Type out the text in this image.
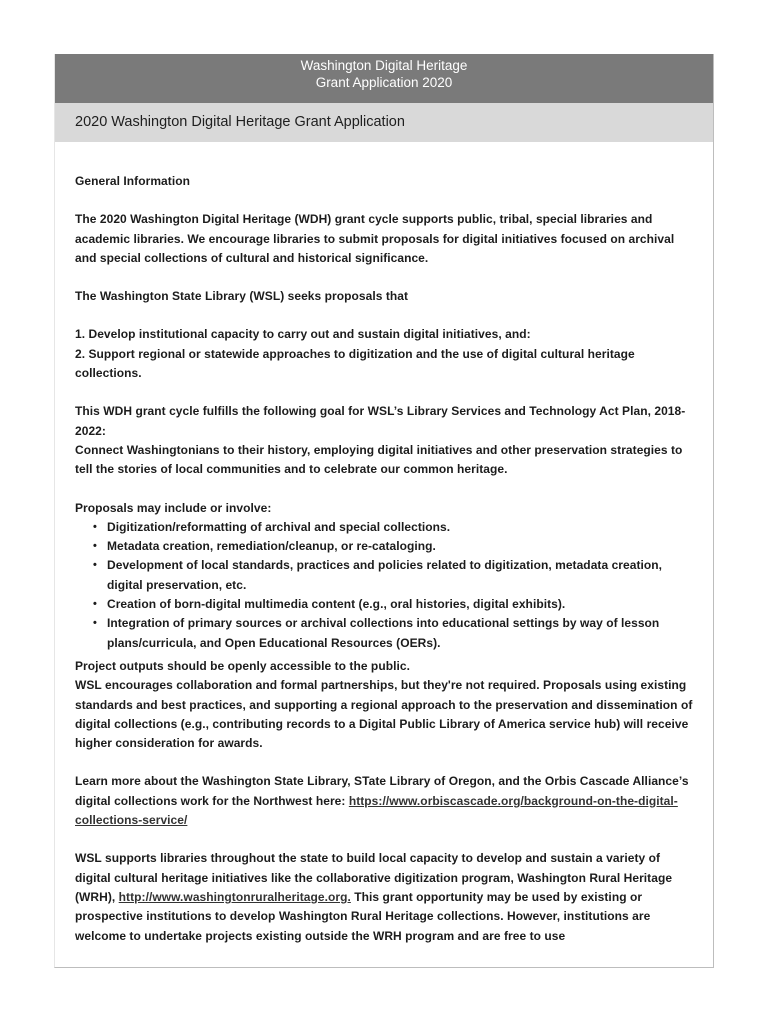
Washington Digital Heritage
Grant Application 2020
2020 Washington Digital Heritage Grant Application

General Information

The 2020 Washington Digital Heritage (WDH) grant cycle supports public, tribal, special libraries and academic libraries. We encourage libraries to submit proposals for digital initiatives focused on archival and special collections of cultural and historical significance.

The Washington State Library (WSL) seeks proposals that

1. Develop institutional capacity to carry out and sustain digital initiatives, and:

2. Support regional or statewide approaches to digitization and the use of digital cultural heritage collections.

This WDH grant cycle fulfills the following goal for WSL’s Library Services and Technology Act Plan, 2018-2022:

Connect Washingtonians to their history, employing digital initiatives and other preservation strategies to tell the stories of local communities and to celebrate our common heritage.

Proposals may include or involve:

• Digitization/reformatting of archival and special collections.
• Metadata creation, remediation/cleanup, or re-cataloging.
• Development of local standards, practices and policies related to digitization, metadata creation, digital preservation, etc.
• Creation of born-digital multimedia content (e.g., oral histories, digital exhibits).
• Integration of primary sources or archival collections into educational settings by way of lesson plans/curricula, and Open Educational Resources (OERs).

Project outputs should be openly accessible to the public.

WSL encourages collaboration and formal partnerships, but they're not required. Proposals using existing standards and best practices, and supporting a regional approach to the preservation and dissemination of digital collections (e.g., contributing records to a Digital Public Library of America service hub) will receive higher consideration for awards.

Learn more about the Washington State Library, STate Library of Oregon, and the Orbis Cascade Alliance’s digital collections work for the Northwest here: https://www.orbiscascade.org/background-on-the-digital-collections-service/

WSL supports libraries throughout the state to build local capacity to develop and sustain a variety of digital cultural heritage initiatives like the collaborative digitization program, Washington Rural Heritage (WRH), http://www.washingtonruralheritage.org. This grant opportunity may be used by existing or prospective institutions to develop Washington Rural Heritage collections. However, institutions are welcome to undertake projects existing outside the WRH program and are free to use
